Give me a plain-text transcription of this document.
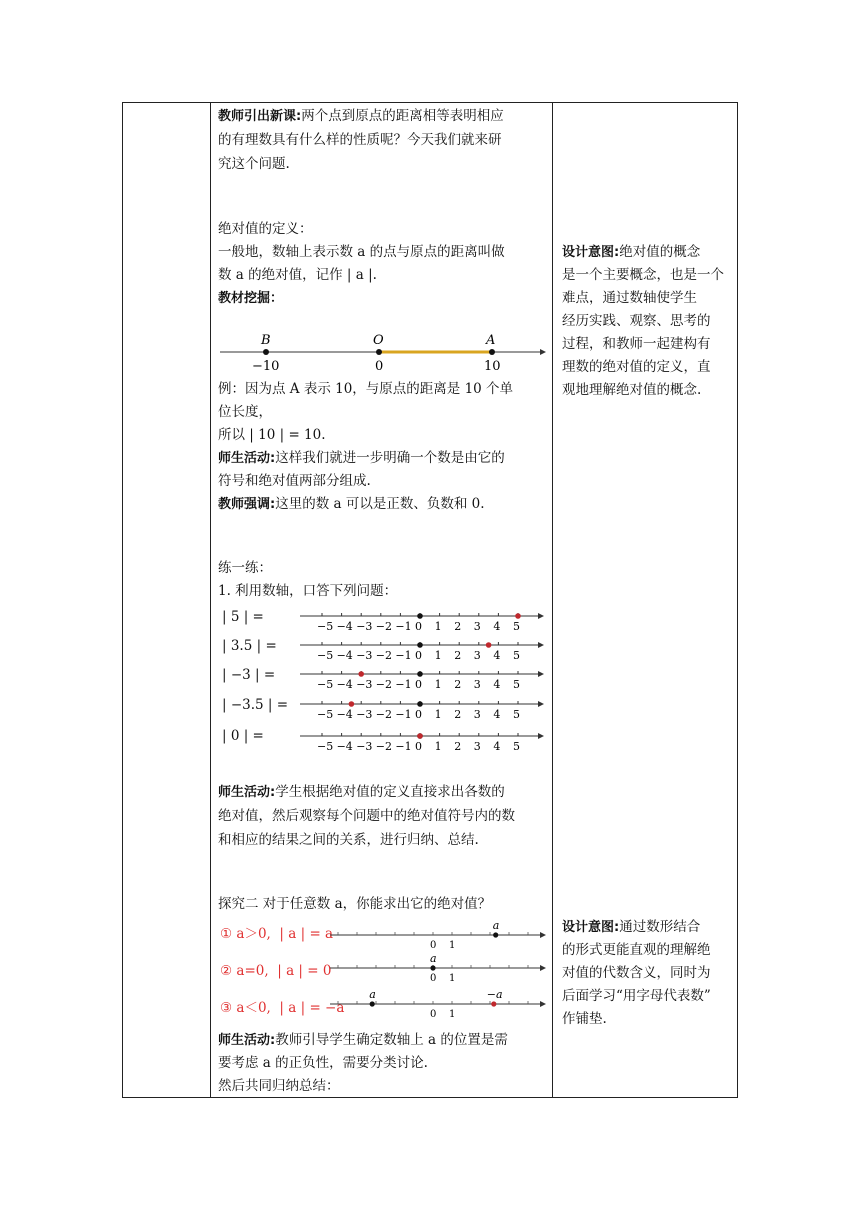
教师引出新课:两个点到原点的距离相等表明相应
的有理数具有什么样的性质呢？今天我们就来研
究这个问题.
绝对值的定义：
一般地，数轴上表示数 a 的点与原点的距离叫做
数 a 的绝对值，记作 | a |.
教材挖掘：
B	O	A
−10	0	10
例：因为点 A 表示 10，与原点的距离是 10 个单
位长度，
所以 | 10 | = 10.
师生活动:这样我们就进一步明确一个数是由它的
符号和绝对值两部分组成.
教师强调:这里的数 a 可以是正数、负数和 0.
练一练：
1. 利用数轴，口答下列问题：
| 5 | =
| 3.5 | =
| −3 | =
| −3.5 | =
| 0 | =
−5 −4 −3 −2 −1 0 1 2 3 4 5
−5 −4 −3 −2 −1 0 1 2 3 4 5
−5 −4 −3 −2 −1 0 1 2 3 4 5
−5 −4 −3 −2 −1 0 1 2 3 4 5
−5 −4 −3 −2 −1 0 1 2 3 4 5
师生活动:学生根据绝对值的定义直接求出各数的
绝对值，然后观察每个问题中的绝对值符号内的数
和相应的结果之间的关系，进行归纳、总结.
探究二 对于任意数 a，你能求出它的绝对值？
① a＞0, | a | = a
② a=0, | a | = 0
③ a＜0, | a | = −a
0 1
a
0 1
a
0 1
a	−a
师生活动:教师引导学生确定数轴上 a 的位置是需
要考虑 a 的正负性，需要分类讨论.
然后共同归纳总结：
设计意图:绝对值的概念
是一个主要概念，也是一个
难点，通过数轴使学生
经历实践、观察、思考的
过程，和教师一起建构有
理数的绝对值的定义，直
观地理解绝对值的概念.
设计意图:通过数形结合
的形式更能直观的理解绝
对值的代数含义，同时为
后面学习“用字母代表数”
作铺垫.
